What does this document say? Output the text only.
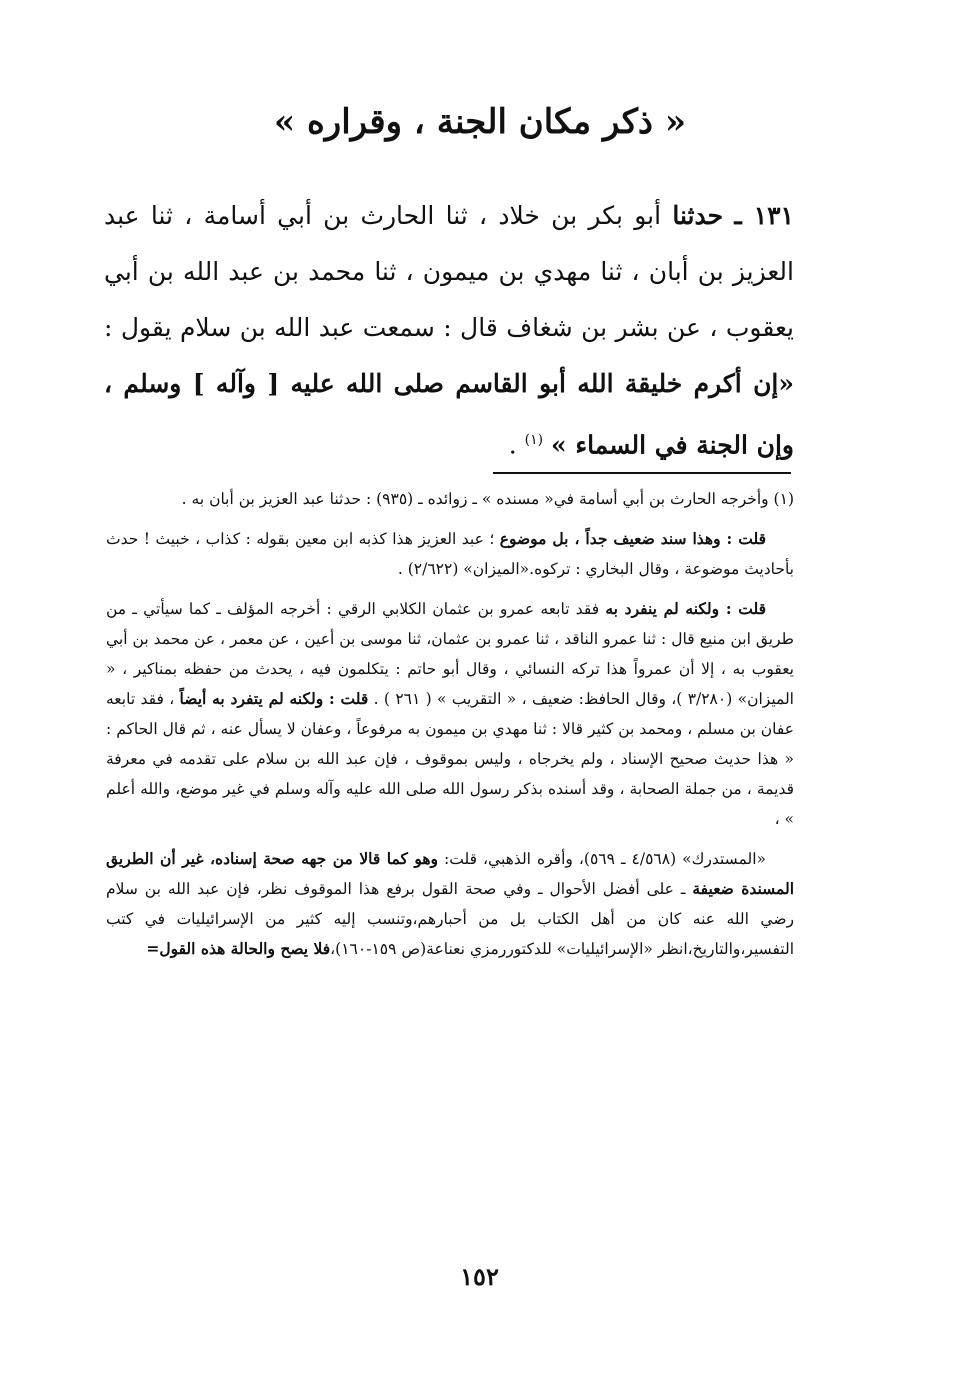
« ذكر مكان الجنة ، وقراره »

١٣١ ـ حدثنا أبو بكر بن خلاد ، ثنا الحارث بن أبي أسامة ، ثنا عبد العزيز بن أبان ، ثنا مهدي بن ميمون ، ثنا محمد بن عبد الله بن أبي يعقوب ، عن بشر بن شغاف قال : سمعت عبد الله بن سلام يقول : «إن أكرم خليقة الله أبو القاسم صلى الله عليه [ وآله ] وسلم ، وإن الجنة في السماء » $^{(١)}$ .

(١) وأخرجه الحارث بن أبي أسامة في« مسنده » ـ زوائده ـ (٩٣٥) : حدثنا عبد العزيز بن أبان به .

قلت : وهذا سند ضعيف جداً ، بل موضوع ؛ عبد العزيز هذا كذبه ابن معين بقوله : كذاب ، خبيث ! حدث بأحاديث موضوعة ، وقال البخاري : تركوه.«الميزان» (٢/٦٢٢) .

قلت : ولكنه لم ينفرد به فقد تابعه عمرو بن عثمان الكلابي الرقي : أخرجه المؤلف ـ كما سيأتي ـ من طريق ابن منيع قال : ثنا عمرو الناقد ، ثنا عمرو بن عثمان، ثنا موسى بن أعين ، عن معمر ، عن محمد بن أبي يعقوب به ، إلا أن عمرواً هذا تركه النسائي ، وقال أبو حاتم : يتكلمون فيه ، يحدث من حفظه بمناكير ، « الميزان» (٣/٢٨٠ )، وقال الحافظ: ضعيف ، « التقريب » ( ٢٦١ ) . قلت : ولكنه لم يتفرد به أيضاً ، فقد تابعه عفان بن مسلم ، ومحمد بن كثير قالا : ثنا مهدي بن ميمون به مرفوعاً ، وعفان لا يسأل عنه ، ثم قال الحاكم : « هذا حديث صحيح الإسناد ، ولم يخرجاه ، وليس بموقوف ، فإن عبد الله بن سلام على تقدمه في معرفة قديمة ، من جملة الصحابة ، وقد أسنده بذكر رسول الله صلى الله عليه وآله وسلم في غير موضع، والله أعلم » ،

«المستدرك» (٤/٥٦٨ ـ ٥٦٩)، وأقره الذهبي، قلت: وهو كما قالا من جهه صحة إسناده، غير أن الطريق المسندة ضعيفة ـ على أفضل الأحوال ـ وفي صحة القول برفع هذا الموقوف نظر، فإن عبد الله بن سلام رضي الله عنه كان من أهل الكتاب بل من أحبارهم،وتنسب إليه كثير من الإسرائيليات في كتب التفسير،والتاريخ،انظر «الإسرائيليات» للدكتوررمزي نعناعة(ص ١٥٩-١٦٠)،فلا يصح والحالة هذه القول=

١٥٢
